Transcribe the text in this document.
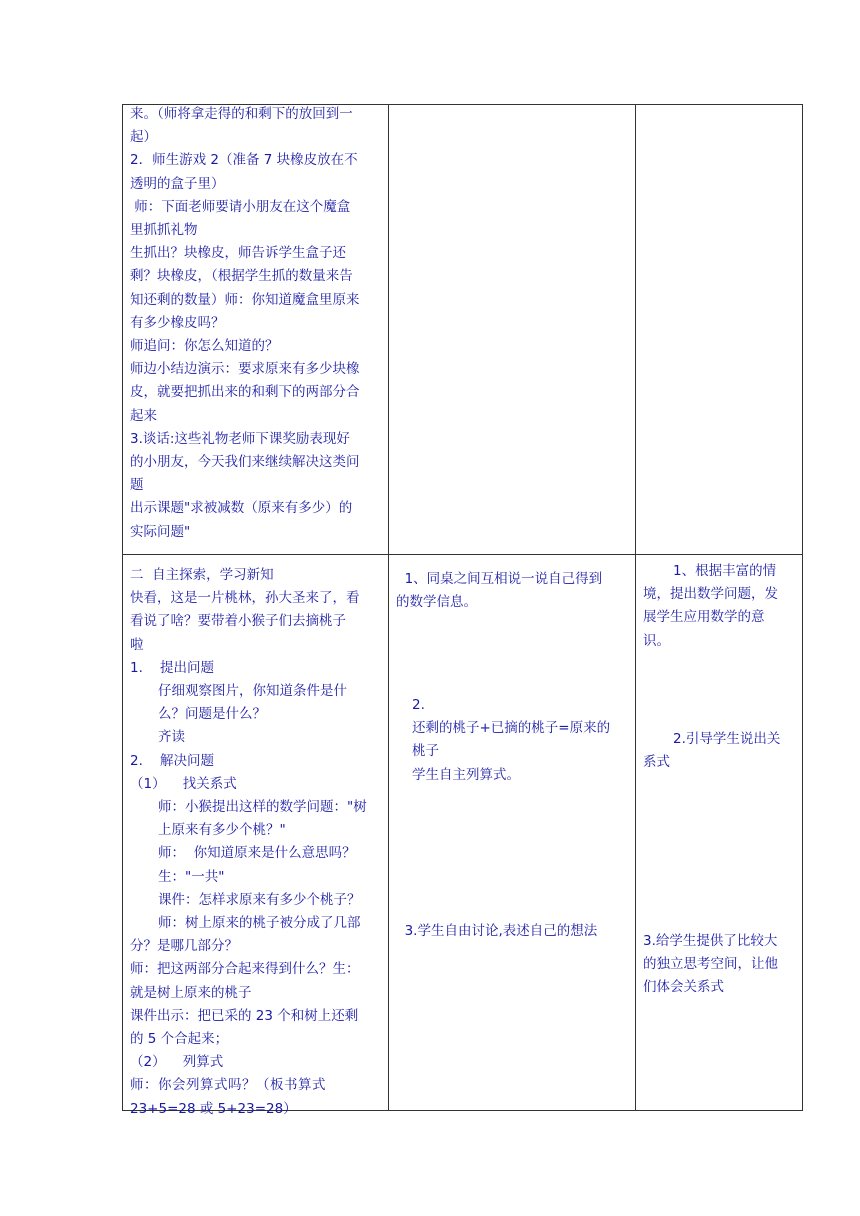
来。（师将拿走得的和剩下的放回到一
起）
2．师生游戏 2（准备 7 块橡皮放在不
透明的盒子里）
师：下面老师要请小朋友在这个魔盒
里抓抓礼物
生抓出？块橡皮，师告诉学生盒子还
剩？块橡皮，（根据学生抓的数量来告
知还剩的数量）师：你知道魔盒里原来
有多少橡皮吗？
师追问：你怎么知道的？
师边小结边演示：要求原来有多少块橡
皮，就要把抓出来的和剩下的两部分合
起来
3.谈话:这些礼物老师下课奖励表现好
的小朋友，今天我们来继续解决这类问
题
出示课题"求被减数（原来有多少）的
实际问题"
二  自主探索，学习新知
快看，这是一片桃林，孙大圣来了，看
看说了啥？要带着小猴子们去摘桃子
啦
1.    提出问题
仔细观察图片，你知道条件是什
么？问题是什么？
齐读
2.    解决问题
（1）    找关系式
师：小猴提出这样的数学问题："树
上原来有多少个桃？"
师：  你知道原来是什么意思吗？
生："一共"
课件：怎样求原来有多少个桃子？
师：树上原来的桃子被分成了几部
分？是哪几部分？
师：把这两部分合起来得到什么？生：
就是树上原来的桃子
课件出示：把已采的 23 个和树上还剩
的 5 个合起来；
（2）    列算式
师：你会列算式吗？（板书算式
23+5=28 或 5+23=28）
1、同桌之间互相说一说自己得到
的数学信息。
2.
还剩的桃子+已摘的桃子=原来的
桃子
学生自主列算式。
3.学生自由讨论,表述自己的想法
1、根据丰富的情
境，提出数学问题，发
展学生应用数学的意
识。
2.引导学生说出关
系式
3.给学生提供了比较大
的独立思考空间，让他
们体会关系式
